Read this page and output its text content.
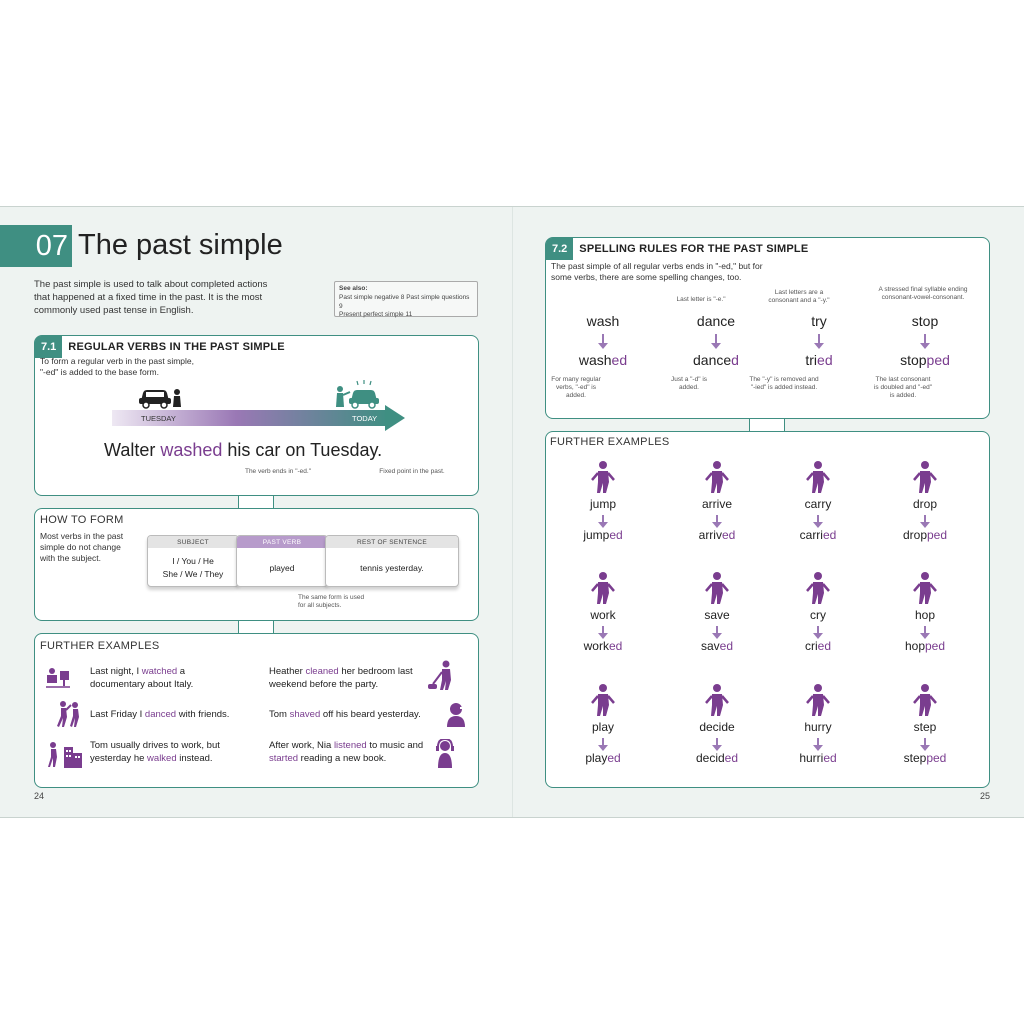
07 The past simple
The past simple is used to talk about completed actions that happened at a fixed time in the past. It is the most commonly used past tense in English.
See also:
Past simple negative 8 Past simple questions 9
Present perfect simple 11
7.1	REGULAR VERBS IN THE PAST SIMPLE
To form a regular verb in the past simple,
"-ed" is added to the base form.
TUESDAY	TODAY
Walter washed his car on Tuesday.
The verb ends in "-ed."	Fixed point in the past.
HOW TO FORM
Most verbs in the past simple do not change with the subject.
SUBJECT
I / You / He
She / We / They
PAST VERB
played
REST OF SENTENCE
tennis yesterday.
The same form is used for all subjects.
FURTHER EXAMPLES
Last night, I watched a documentary about Italy.
Heather cleaned her bedroom last weekend before the party.
Last Friday I danced with friends.	Tom shaved off his beard yesterday.
Tom usually drives to work, but yesterday he walked instead.
After work, Nia listened to music and started reading a new book.
24
7.2	SPELLING RULES FOR THE PAST SIMPLE
The past simple of all regular verbs ends in "-ed," but for
some verbs, there are some spelling changes, too.
wash
washed
For many regular verbs, "-ed" is added.
Last letter is "-e."
dance
danced
Just a "-d" is added.
Last letters are a consonant and a "-y."
try
tried
The "-y" is removed and "-ied" is added instead.
A stressed final syllable ending consonant-vowel-consonant.
stop
stopped
The last consonant is doubled and "-ed" is added.
FURTHER EXAMPLES
jump
jumped
arrive
arrived
carry
carried
drop
dropped
work
worked
save
saved
cry
cried
hop
hopped
play
played
decide
decided
hurry
hurried
step
stepped
25
